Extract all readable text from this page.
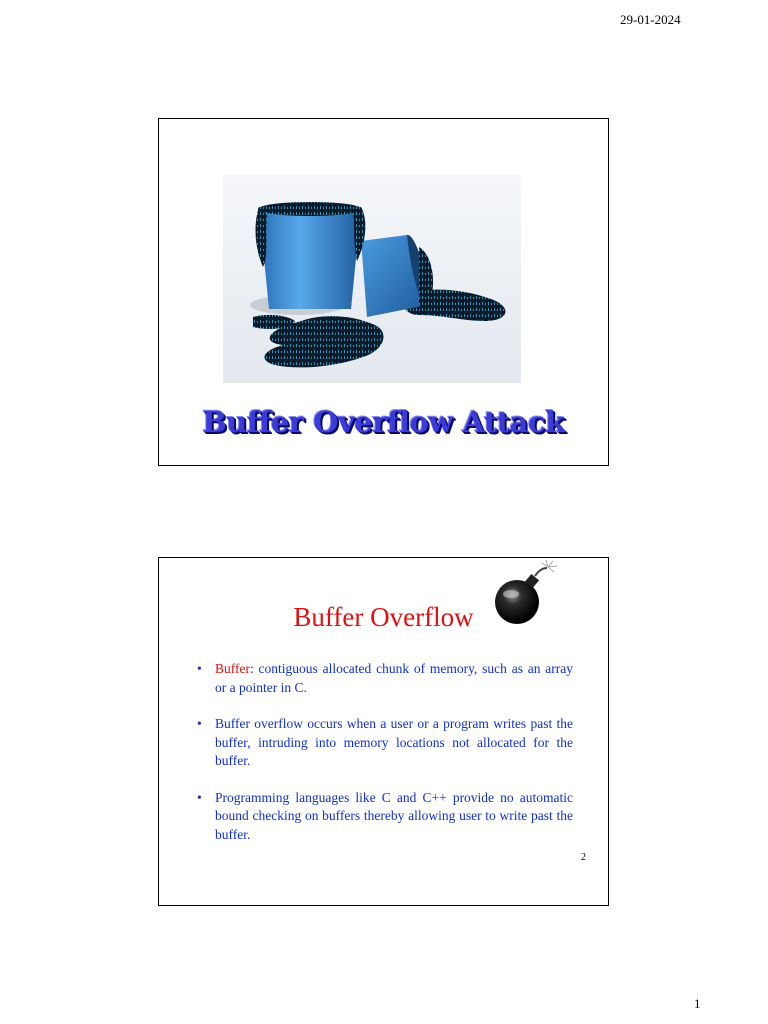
29-01-2024
Buffer Overflow Attack
Buffer Overflow
• Buffer: contiguous allocated chunk of memory, such as an array or a pointer in C.
• Buffer overflow occurs when a user or a program writes past the buffer, intruding into memory locations not allocated for the buffer.
• Programming languages like C and C++ provide no automatic bound checking on buffers thereby allowing user to write past the buffer.
2
1
